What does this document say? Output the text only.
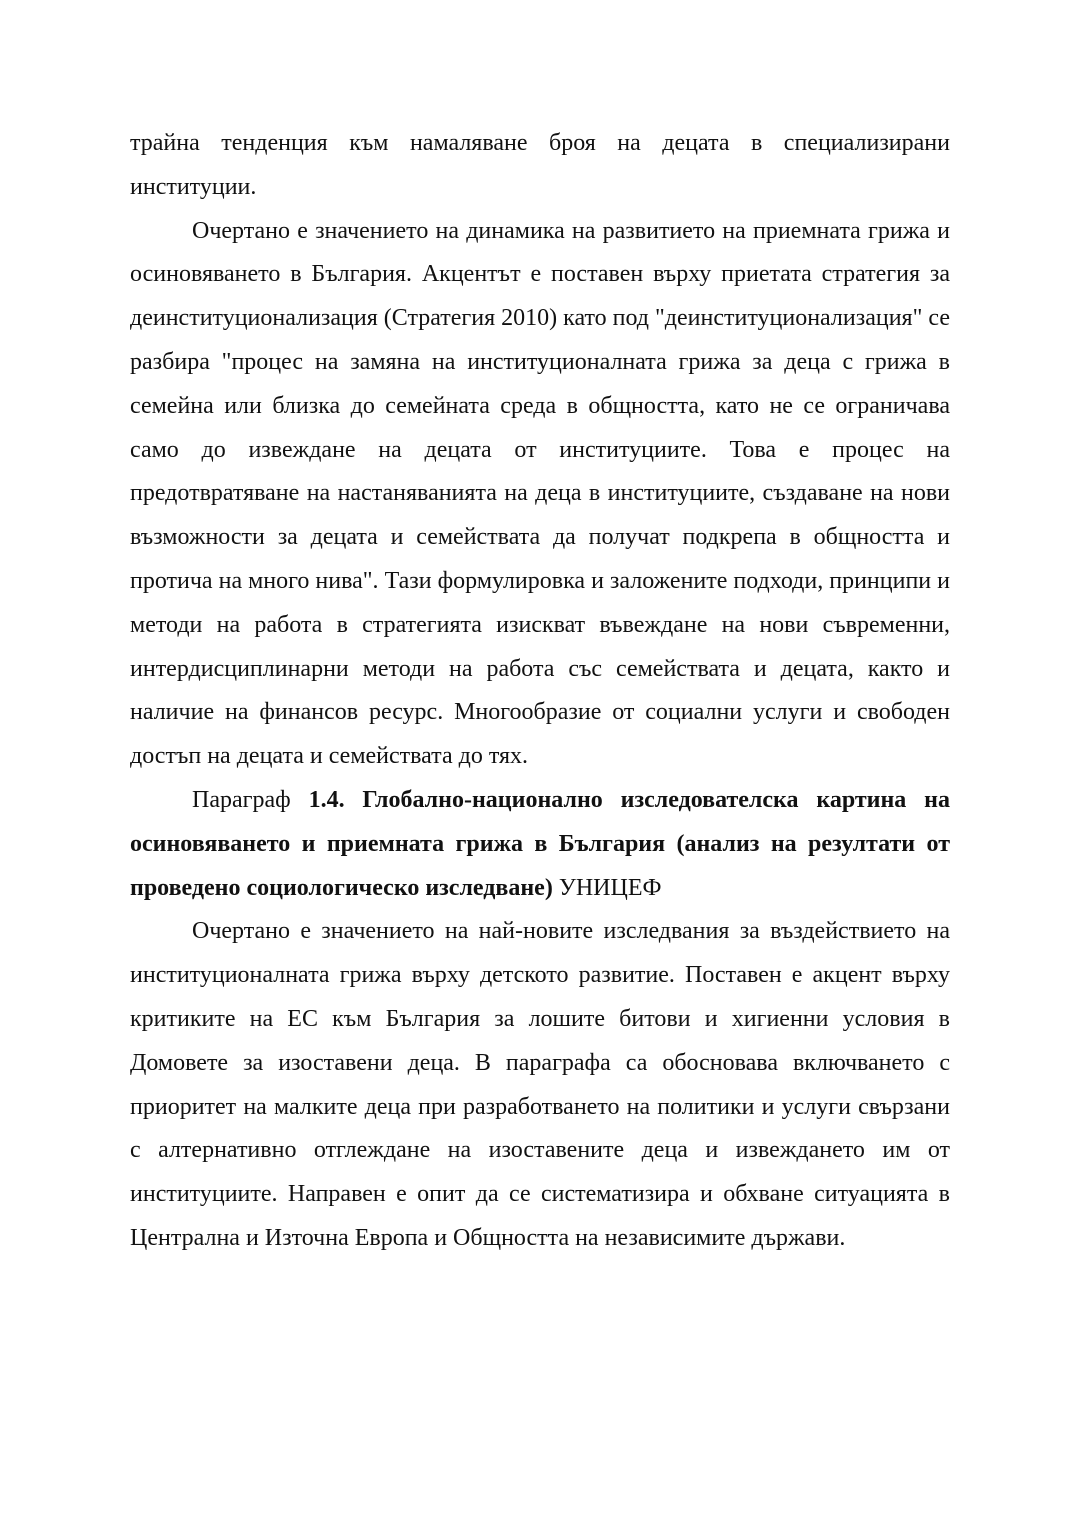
трайна тенденция към намаляване броя на децата в специализирани институции.

Очертано е значението на динамика на развитието на приемната грижа и осиновяването в България. Акцентът е поставен върху приетата стратегия за деинституционализация (Стратегия 2010) като под "деинституционализация" се разбира "процес на замяна на институционалната грижа за деца с грижа в семейна или близка до семейната среда в общността, като не се ограничава само до извеждане на децата от институциите. Това е процес на предотвратяване на настаняванията на деца в институциите, създаване на нови възможности за децата и семействата да получат подкрепа в общността и протича на много нива". Тази формулировка и заложените подходи, принципи и методи на работа в стратегията изискват въвеждане на нови съвременни, интердисциплинарни методи на работа със семействата и децата, както и наличие на финансов ресурс. Многообразие от социални услуги и свободен достъп на децата и семействата до тях.

Параграф 1.4. Глобално-национално изследователска картина на осиновяването и приемната грижа в България (анализ на резултати от проведено социологическо изследване) УНИЦЕФ

Очертано е значението на най-новите изследвания за въздействието на институционалната грижа върху детското развитие. Поставен е акцент върху критиките на ЕС към България за лошите битови и хигиенни условия в Домовете за изоставени деца. В параграфа са обосновава включването с приоритет на малките деца при разработването на политики и услуги свързани с алтернативно отглеждане на изоставените деца и извеждането им от институциите. Направен е опит да се систематизира и обхване ситуацията в Централна и Източна Европа и Общността на независимите държави.
